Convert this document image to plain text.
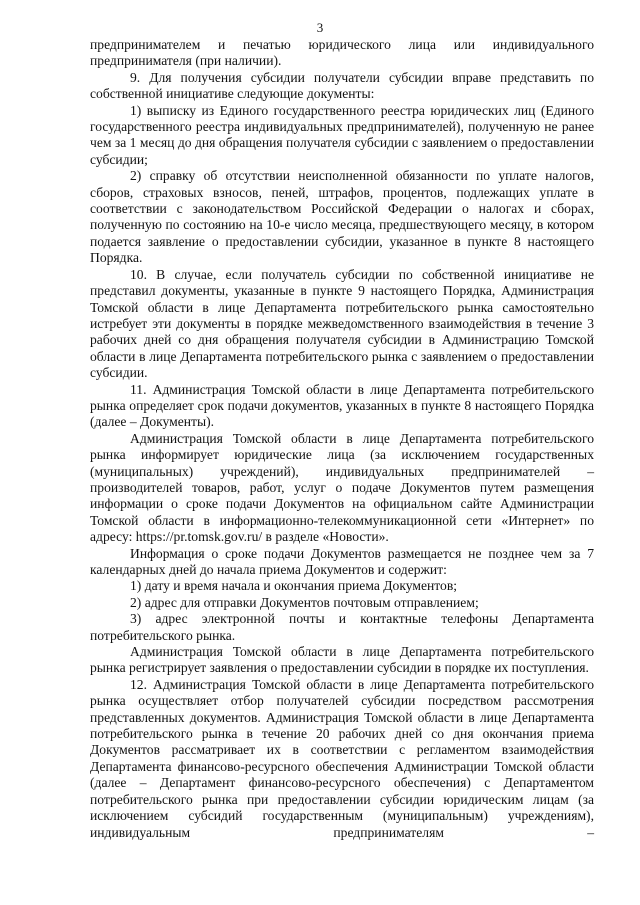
3

предпринимателем и печатью юридического лица или индивидуального предпринимателя (при наличии).

9. Для получения субсидии получатели субсидии вправе представить по собственной инициативе следующие документы:

1) выписку из Единого государственного реестра юридических лиц (Единого государственного реестра индивидуальных предпринимателей), полученную не ранее чем за 1 месяц до дня обращения получателя субсидии с заявлением о предоставлении субсидии;

2) справку об отсутствии неисполненной обязанности по уплате налогов, сборов, страховых взносов, пеней, штрафов, процентов, подлежащих уплате в соответствии с законодательством Российской Федерации о налогах и сборах, полученную по состоянию на 10-е число месяца, предшествующего месяцу, в котором подается заявление о предоставлении субсидии, указанное в пункте 8 настоящего Порядка.

10. В случае, если получатель субсидии по собственной инициативе не представил документы, указанные в пункте 9 настоящего Порядка, Администрация Томской области в лице Департамента потребительского рынка самостоятельно истребует эти документы в порядке межведомственного взаимодействия в течение 3 рабочих дней со дня обращения получателя субсидии в Администрацию Томской области в лице Департамента потребительского рынка с заявлением о предоставлении субсидии.

11. Администрация Томской области в лице Департамента потребительского рынка определяет срок подачи документов, указанных в пункте 8 настоящего Порядка (далее – Документы).

Администрация Томской области в лице Департамента потребительского рынка информирует юридические лица (за исключением государственных (муниципальных) учреждений), индивидуальных предпринимателей – производителей товаров, работ, услуг о подаче Документов путем размещения информации о сроке подачи Документов на официальном сайте Администрации Томской области в информационно-телекоммуникационной сети «Интернет» по адресу: https://pr.tomsk.gov.ru/ в разделе «Новости».

Информация о сроке подачи Документов размещается не позднее чем за 7 календарных дней до начала приема Документов и содержит:

1) дату и время начала и окончания приема Документов;

2) адрес для отправки Документов почтовым отправлением;

3) адрес электронной почты и контактные телефоны Департамента потребительского рынка.

Администрация Томской области в лице Департамента потребительского рынка регистрирует заявления о предоставлении субсидии в порядке их поступления.

12. Администрация Томской области в лице Департамента потребительского рынка осуществляет отбор получателей субсидии посредством рассмотрения представленных документов. Администрация Томской области в лице Департамента потребительского рынка в течение 20 рабочих дней со дня окончания приема Документов рассматривает их в соответствии с регламентом взаимодействия Департамента финансово-ресурсного обеспечения Администрации Томской области (далее – Департамент финансово-ресурсного обеспечения) с Департаментом потребительского рынка при предоставлении субсидии юридическим лицам (за исключением субсидий государственным (муниципальным) учреждениям), индивидуальным предпринимателям –
